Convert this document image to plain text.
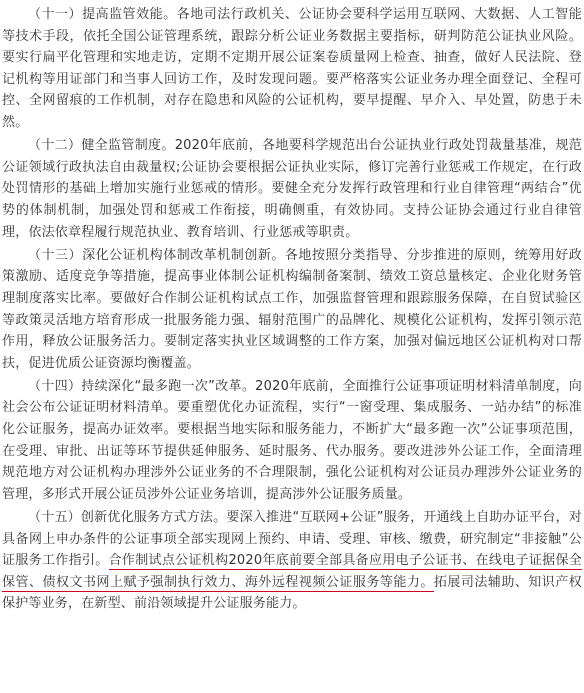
（十一）提高监管效能。各地司法行政机关、公证协会要科学运用互联网、大数据、人工智能等技术手段，依托全国公证管理系统，跟踪分析公证业务数据主要指标，研判防范公证执业风险。要实行扁平化管理和实地走访，定期不定期开展公证案卷质量网上检查、抽查，做好人民法院、登记机构等用证部门和当事人回访工作，及时发现问题。要严格落实公证业务办理全面登记、全程可控、全网留痕的工作机制，对存在隐患和风险的公证机构，要早提醒、早介入、早处置，防患于未然。

（十二）健全监管制度。2020年底前，各地要科学规范出台公证执业行政处罚裁量基准，规范公证领域行政执法自由裁量权;公证协会要根据公证执业实际，修订完善行业惩戒工作规定，在行政处罚情形的基础上增加实施行业惩戒的情形。要健全充分发挥行政管理和行业自律管理“两结合”优势的体制机制，加强处罚和惩戒工作衔接，明确侧重，有效协同。支持公证协会通过行业自律管理，依法依章程履行规范执业、教育培训、行业惩戒等职责。

（十三）深化公证机构体制改革机制创新。各地按照分类指导、分步推进的原则，统筹用好政策激励、适度竞争等措施，提高事业体制公证机构编制备案制、绩效工资总量核定、企业化财务管理制度落实比率。要做好合作制公证机构试点工作，加强监督管理和跟踪服务保障，在自贸试验区等政策灵活地方培育形成一批服务能力强、辐射范围广的品牌化、规模化公证机构，发挥引领示范作用，释放公证服务活力。要制定落实执业区域调整的工作方案，加强对偏远地区公证机构对口帮扶，促进优质公证资源均衡覆盖。

（十四）持续深化“最多跑一次”改革。2020年底前，全面推行公证事项证明材料清单制度，向社会公布公证证明材料清单。要重塑优化办证流程，实行“一窗受理、集成服务、一站办结”的标准化公证服务，提高办证效率。要根据当地实际和服务能力，不断扩大“最多跑一次”公证事项范围，在受理、审批、出证等环节提供延伸服务、延时服务、代办服务。要改进涉外公证工作，全面清理规范地方对公证机构办理涉外公证业务的不合理限制，强化公证机构对公证员办理涉外公证业务的管理，多形式开展公证员涉外公证业务培训，提高涉外公证服务质量。

（十五）创新优化服务方式方法。要深入推进“互联网+公证”服务，开通线上自助办证平台，对具备网上申办条件的公证事项全部实现网上预约、申请、受理、审核、缴费，研究制定“非接触”公证服务工作指引。合作制试点公证机构2020年底前要全部具备应用电子公证书、在线电子证据保全保管、债权文书网上赋予强制执行效力、海外远程视频公证服务等能力。拓展司法辅助、知识产权保护等业务，在新型、前沿领域提升公证服务能力。
